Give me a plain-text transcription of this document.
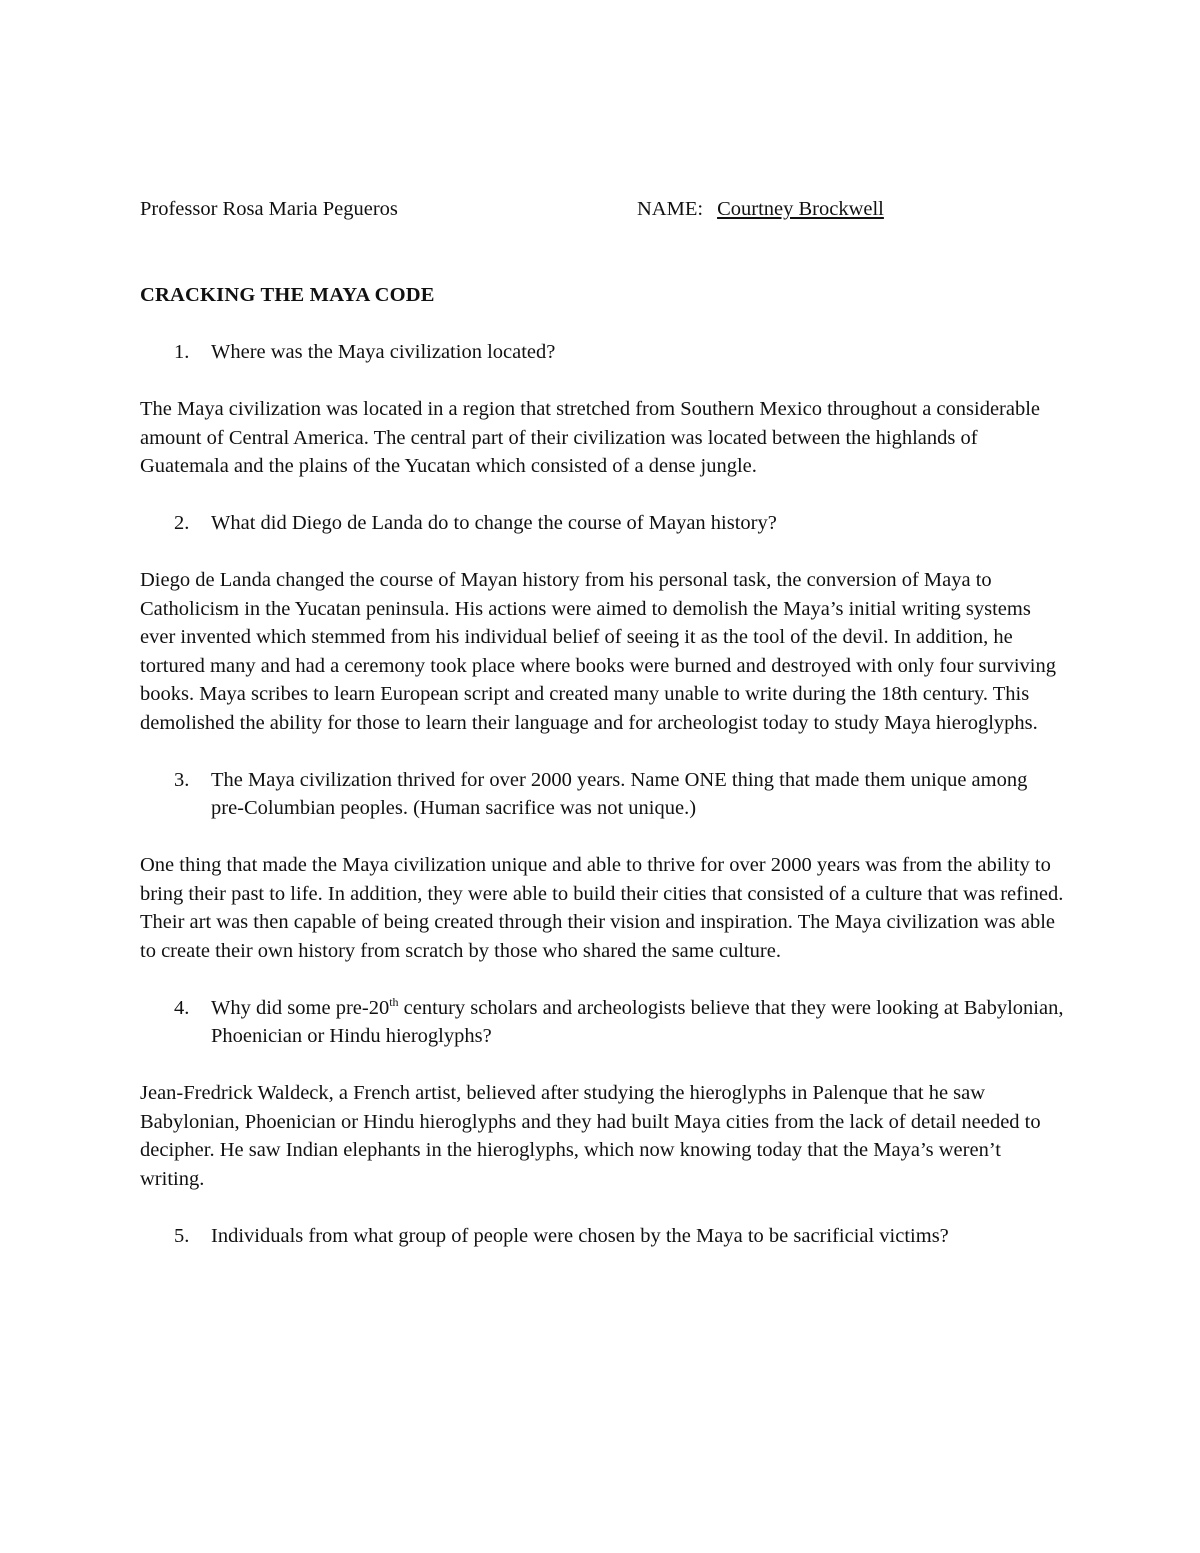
Professor Rosa Maria Pegueros	NAME: Courtney Brockwell
CRACKING THE MAYA CODE

1. Where was the Maya civilization located?

The Maya civilization was located in a region that stretched from Southern Mexico throughout a considerable amount of Central America. The central part of their civilization was located between the highlands of Guatemala and the plains of the Yucatan which consisted of a dense jungle.

2. What did Diego de Landa do to change the course of Mayan history?

Diego de Landa changed the course of Mayan history from his personal task, the conversion of Maya to Catholicism in the Yucatan peninsula. His actions were aimed to demolish the Maya’s initial writing systems ever invented which stemmed from his individual belief of seeing it as the tool of the devil. In addition, he tortured many and had a ceremony took place where books were burned and destroyed with only four surviving books. Maya scribes to learn European script and created many unable to write during the 18th century. This demolished the ability for those to learn their language and for archeologist today to study Maya hieroglyphs.

3. The Maya civilization thrived for over 2000 years. Name ONE thing that made them unique among pre-Columbian peoples. (Human sacrifice was not unique.)

One thing that made the Maya civilization unique and able to thrive for over 2000 years was from the ability to bring their past to life. In addition, they were able to build their cities that consisted of a culture that was refined. Their art was then capable of being created through their vision and inspiration. The Maya civilization was able to create their own history from scratch by those who shared the same culture.

4. Why did some pre-20th century scholars and archeologists believe that they were looking at Babylonian, Phoenician or Hindu hieroglyphs?

Jean-Fredrick Waldeck, a French artist, believed after studying the hieroglyphs in Palenque that he saw Babylonian, Phoenician or Hindu hieroglyphs and they had built Maya cities from the lack of detail needed to decipher. He saw Indian elephants in the hieroglyphs, which now knowing today that the Maya’s weren’t writing.

5. Individuals from what group of people were chosen by the Maya to be sacrificial victims?
